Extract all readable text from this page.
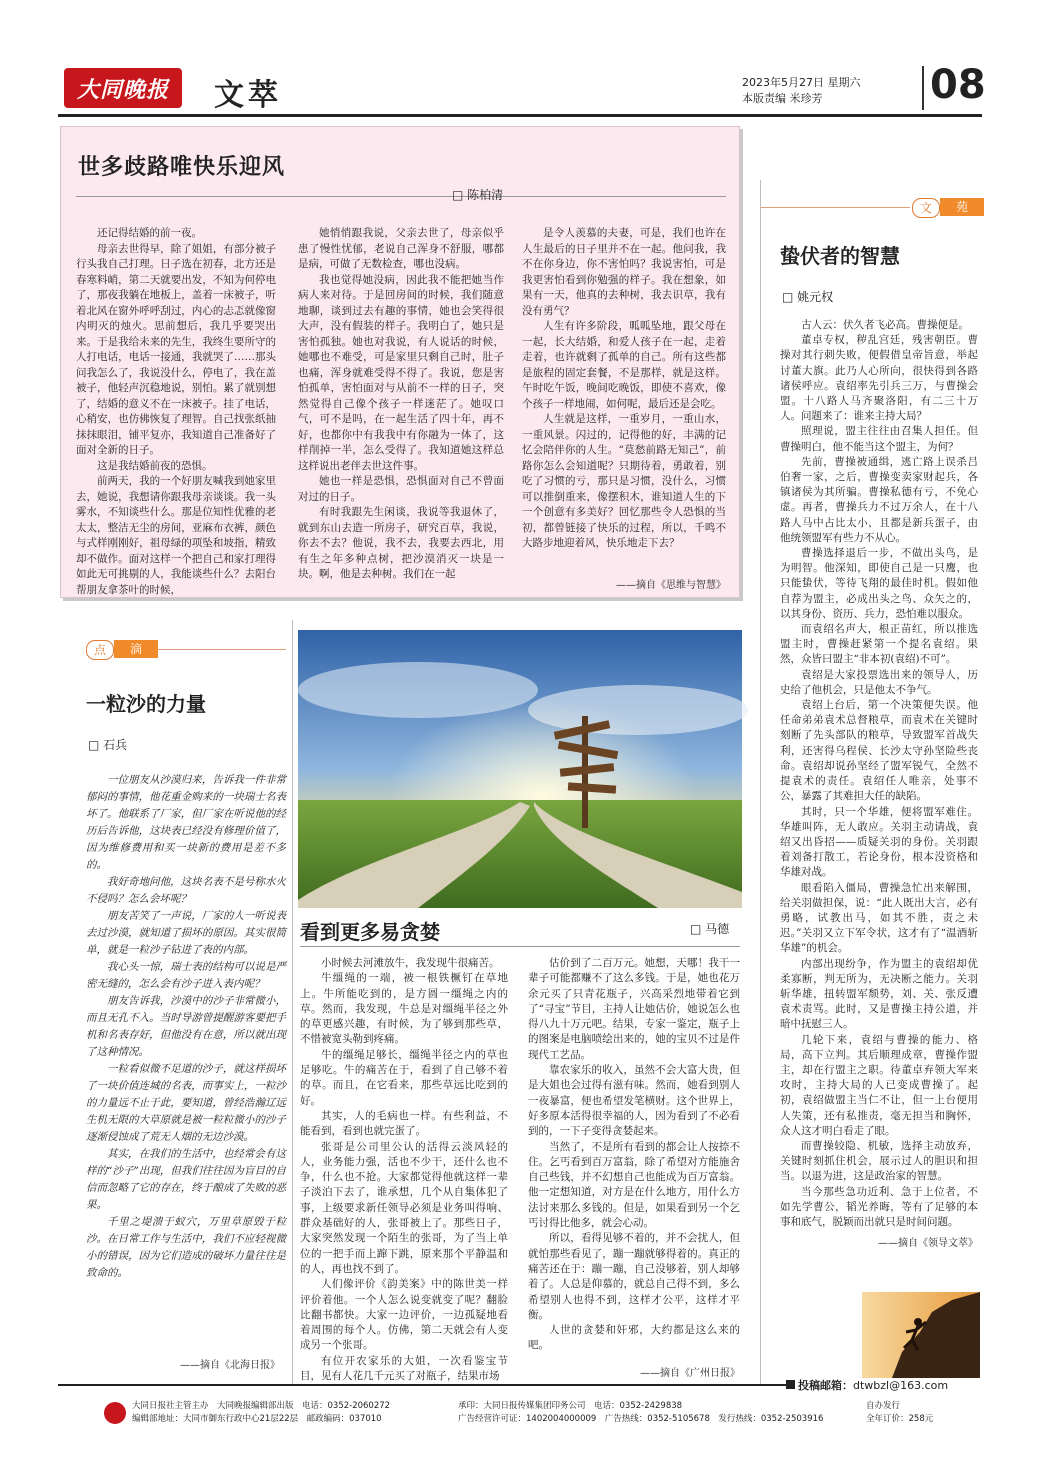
大同晚报 文萃	2023年5月27日 星期六
本版责编 米珍芳	08
世多歧路唯快乐迎风
□ 陈柏清

还记得结婚的前一夜。

母亲去世得早，除了姐姐，有部分被子行头我自己打理。日子选在初春，北方还是春寒料峭，第二天就要出发，不知为何停电了，那夜我躺在地板上，盖着一床被子，听着北风在窗外呼呼刮过，内心的忐忑就像窗内明灭的烛火。思前想后，我几乎要哭出来。于是我给未来的先生，我终生要所守的人打电话，电话一接通，我就哭了……那头问我怎么了，我说没什么，停电了，我在盖被子，他轻声沉稳地说，别怕。累了就别想了，结婚的意义不在一床被子。挂了电话，心稍安，也仿佛恢复了理智。自己找张纸抽抹抹眼泪，铺平复亦，我知道自己准备好了面对全新的日子。

这是我结婚前夜的恐惧。

前两天，我的一个好朋友喊我到她家里去，她说，我想请你跟我母亲谈谈。我一头雾水，不知谈些什么。那是位知性优雅的老太太，整洁无尘的房间，亚麻布衣裤，颜色与式样刚刚好，祖母绿的项坠和坡指，精致却不做作。面对这样一个把自己和家打理得如此无可挑剔的人，我能谈些什么？去阳台帮朋友拿茶叶的时候，

她悄悄跟我说，父亲去世了，母亲似乎患了慢性忧郁，老说自己浑身不舒服，哪都是病，可做了无数检查，哪也没病。

我也觉得她没病，因此我不能把她当作病人来对待。于是回房间的时候，我们随意地聊，谈到过去有趣的事情，她也会笑得很大声，没有假装的样子。我明白了，她只是害怕孤独。她也对我说，有人说话的时候，她哪也不难受，可是家里只剩自己时，肚子也痛，浑身就难受得不得了。我说，您是害怕孤单，害怕面对与从前不一样的日子，突然觉得自己像个孩子一样迷茫了。她叹口气，可不是吗，在一起生活了四十年，再不好，也都你中有我我中有你融为一体了，这样削掉一半，怎么受得了。我知道她这样总这样说出老伴去世这件事。

她也一样是恐惧，恐惧面对自己不曾面对过的日子。

有时我跟先生闲谈，我说等我退休了，就到东山去造一所房子，研究百草，我说，你去不去？他说，我不去，我要去西北，用有生之年多种点树，把沙漠消灭一块是一块。啊，他是去种树。我们在一起

是令人羡慕的夫妻，可是，我们也许在人生最后的日子里并不在一起。他问我，我不在你身边，你不害怕吗？我说害怕，可是我更害怕看到你勉强的样子。我在想象，如果有一天，他真的去种树，我去识草，我有没有勇气？

人生有许多阶段，呱呱坠地，跟父母在一起，长大结婚，和爱人孩子在一起，走着走着，也许就剩了孤单的自己。所有这些都是旅程的固定套餐，不是那样，就是这样。午时吃午饭，晚间吃晚饭，即使不喜欢，像个孩子一样地闹，如何呢，最后还是会吃。

人生就是这样，一重岁月，一重山水，一重风景。闪过的，记得他的好，丰满的记忆会陪伴你的人生。“莫愁前路无知己”，前路你怎么会知道呢？只期待着，勇敢着，别吃了习惯的亏，那只是习惯，没什么，习惯可以推倒重来，像摆积木，谁知道人生的下一个创意有多美好？回忆那些令人恐惧的当初，都曾链接了快乐的过程，所以，千鸣不大路步地迎着风，快乐地走下去？

——摘自《思维与智慧》
文	苑
蛰伏者的智慧
□ 姚元权

古人云：伏久者飞必高。曹操便是。

董卓专权，秽乱宫廷，残害朝臣。曹操对其行刺失败，便假借皇帝旨意，举起讨董大旗。此乃人心所向，很快得到各路诸侯呼应。袁绍率先引兵三万，与曹操会盟。十八路人马齐聚洛阳，有二三十万人。问题来了：谁来主持大局？

照理说，盟主往往由召集人担任。但曹操明白，他不能当这个盟主，为何？

先前，曹操被通缉，逃亡路上误杀吕伯奢一家，之后，曹操变卖家财起兵，各镇诸侯为其所骗。曹操私德有亏，不免心虚。再者，曹操兵力不过万余人，在十八路人马中占比太小，且都是新兵蛋子，由他统领盟军有些力不从心。

曹操选择退后一步，不做出头鸟，是为明智。他深知，即使自己是一只鹰，也只能蛰伏，等待飞翔的最佳时机。假如他自荐为盟主，必成出头之鸟、众矢之的，以其身份、资历、兵力，恐怕难以服众。

而袁绍名声大，根正苗红，所以推选盟主时，曹操赶紧第一个提名袁绍。果然，众皆曰盟主“非本初(袁绍)不可”。

袁绍是大家投票选出来的领导人，历史给了他机会，只是他太不争气。

袁绍上台后，第一个决策便失误。他任命弟弟袁术总督粮草，而袁术在关键时刻断了先头部队的粮草，导致盟军首战失利，还害得乌程侯、长沙太守孙坚险些丧命。袁绍却说孙坚经了盟军锐气，全然不提袁术的责任。袁绍任人唯亲，处事不公，暴露了其难担大任的缺陷。

其时，只一个华雄，便将盟军难住。华雄叫阵，无人敢应。关羽主动请战，袁绍又出昏招——质疑关羽的身份。关羽跟着刘备打散工，若论身份，根本没资格和华雄对战。

眼看陷入僵局，曹操急忙出来解围，给关羽做担保，说：“此人既出大言，必有勇略，试教出马，如其不胜，责之未迟。”关羽又立下军令状，这才有了“温酒斩华雄”的机会。

内部出现纷争，作为盟主的袁绍却优柔寡断，判无所为，无决断之能力。关羽斩华雄，扭转盟军颓势，刘、关、张反遭袁术责骂。此时，又是曹操主持公道，并暗中抚慰三人。

几轮下来，袁绍与曹操的能力、格局，高下立判。其后顺理成章，曹操作盟主，却在行盟主之职。待董卓弃领大军来攻时，主持大局的人已变成曹操了。起初，袁绍做盟主当仁不让，但一上台便用人失策，还有私推责，毫无担当和胸怀，众人这才明白看走了眼。

而曹操较隐、机敏，选择主动放弃，关键时刻抓住机会，展示过人的胆识和担当。以退为进，这是政治家的智慧。

当今那些急功近利、急于上位者，不如先学曹公，韬光养晦，等有了足够的本事和底气，脱颖而出就只是时间问题。

——摘自《领导文萃》
点	滴
一粒沙的力量
□ 石兵

一位朋友从沙漠归来，告诉我一件非常郁闷的事情，他花重金购来的一块瑞士名表坏了。他联系了厂家，但厂家在听说他的经历后告诉他，这块表已经没有修理价值了，因为维修费用和买一块新的费用是差不多的。

我好奇地问他，这块名表不是号称水火不侵吗？怎么会坏呢？

朋友苦笑了一声说，厂家的人一听说表去过沙漠，就知道了损坏的原因。其实很简单，就是一粒沙子钻进了表的内部。

我心头一惊，瑞士表的结构可以说是严密无缝的，怎么会有沙子进入表内呢？

朋友告诉我，沙漠中的沙子非常微小，而且无孔不入。当时导游曾提醒游客要把手机和名表存好，但他没有在意，所以就出现了这种情况。

一粒看似微不足道的沙子，就这样损坏了一块价值连城的名表，而事实上，一粒沙的力量远不止于此，要知道，曾经浩瀚辽远生机无限的大草原就是被一粒粒微小的沙子逐渐侵蚀成了荒无人烟的无边沙漠。

其实，在我们的生活中，也经常会有这样的“沙子”出现，但我们往往因为盲目的自信而忽略了它的存在，终于酿成了失败的恶果。

千里之堤溃于蚁穴，万里草原毁于粒沙。在日常工作与生活中，我们不应轻视微小的错误，因为它们造成的破坏力量往往是致命的。

——摘自《北海日报》
看到更多易贪婪	□ 马德

小时候去河滩放牛，我发现牛很痛苦。

牛缰绳的一端，被一根铁橛钉在草地上。牛所能吃到的，是方圆一缰绳之内的草。然而，我发现，牛总是对缰绳半径之外的草更感兴趣，有时候，为了够到那些草，不惜被宽头勒到疼痛。

牛的缰绳足够长，缰绳半径之内的草也足够吃。牛的痛苦在于，看到了自己够不着的草。而且，在它看来，那些草远比吃到的好。

其实，人的毛病也一样。有些利益，不能看到，看到也就完蛋了。

张哥是公司里公认的活得云淡风轻的人，业务能力强，活也不少干，还什么也不争，什么也不抢。大家都觉得他就这样一辈子淡泊下去了，谁承想，几个从自集体犯了事，上级要求新任领导必须是业务叫得响、群众基础好的人，张哥被上了。那些日子，大家突然发现一个陌生的张哥，为了当上单位的一把手而上蹿下跳，原来那个平静温和的人，再也找不到了。

人们像评价《韵美案》中的陈世美一样评价着他。一个人怎么说变就变了呢？翻脸比翻书都快。大家一边评价，一边孤疑地看着周围的每个人。仿佛，第二天就会有人变成另一个张哥。

有位开农家乐的大姐，一次看鉴宝节目，见有人花几千元买了对瓶子，结果市场

估价到了二百万元。她想，天哪！我干一辈子可能都赚不了这么多钱。于是，她也花万余元买了只青花瓶子，兴高采烈地带着它到了“寻宝”节目，主持人让她估价，她说怎么也得八九十万元吧。结果，专家一鉴定，瓶子上的图案是电脑喷绘出来的，她的宝贝不过是件现代工艺品。

靠农家乐的收入，虽然不会大富大贵，但是大姐也会过得有滋有味。然而，她看到别人一夜暴富，便也希望发笔横财。这个世界上，好多原本活得很幸福的人，因为看到了不必看到的，一下子变得贪婪起来。

当然了，不是所有看到的都会让人按捺不住。乞丐看到百万富翁，除了希望对方能施舍自己些钱，并不幻想自己也能成为百万富翁。他一定想知道，对方是在什么地方，用什么方法讨来那么多钱的。但是，如果看到另一个乞丐讨得比他多，就会心动。

所以，看得见够不着的，并不会扰人，但就怕那些看见了，蹦一蹦就够得着的。真正的痛苦还在于：蹦一蹦，自己没够着，别人却够着了。人总是仰慕的，就总自己得不到，多么希望别人也得不到，这样才公平，这样才平衡。

人世的贪婪和奸邪，大约都是这么来的吧。

——摘自《广州日报》
投稿邮箱：dtwbzl@163.com
大同日报社主管主办　大同晚报编辑部出版　电话：0352-2060272
编辑部地址：大同市御东行政中心21层22层　邮政编码：037010
承印：大同日报传媒集团印务公司　电话：0352-2429838
广告经营许可证：1402004000009　广告热线：0352-5105678　发行热线：0352-2503916
自办发行
全年订价：258元
